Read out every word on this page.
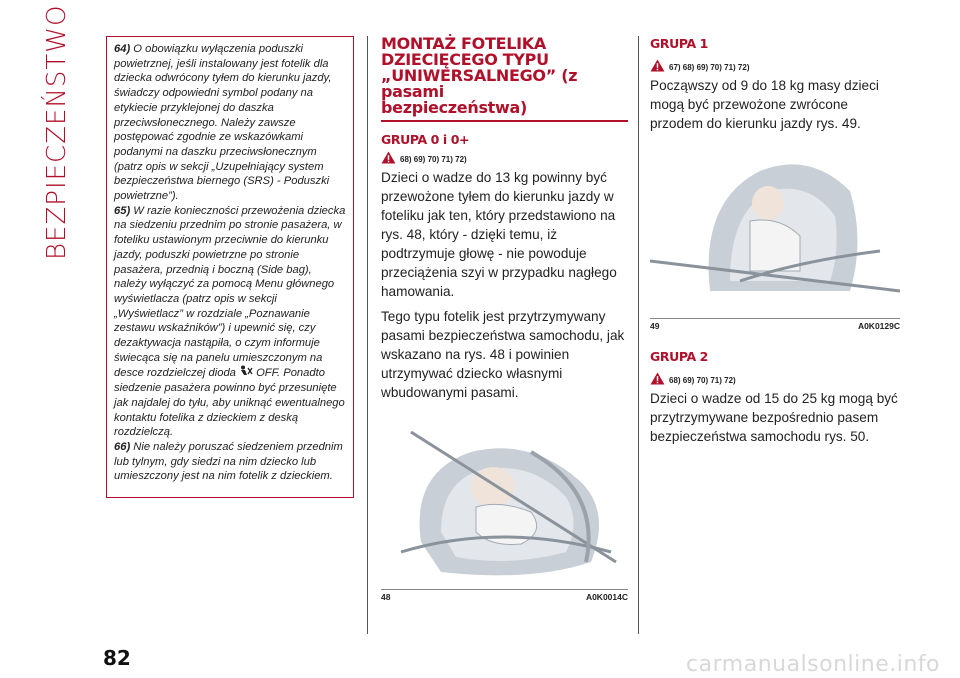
BEZPIECZEŃSTWO	64) O obowiązku wyłączenia poduszki powietrznej, jeśli instalowany jest fotelik dla dziecka odwrócony tyłem do kierunku jazdy, świadczy odpowiedni symbol podany na etykiecie przyklejonej do daszka przeciwsłonecznego. Należy zawsze postępować zgodnie ze wskazówkami podanymi na daszku przeciwsłonecznym (patrz opis w sekcji „Uzupełniający system bezpieczeństwa biernego (SRS) - Poduszki powietrzne”).

65) W razie konieczności przewożenia dziecka na siedzeniu przednim po stronie pasażera, w foteliku ustawionym przeciwnie do kierunku jazdy, poduszki powietrzne po stronie pasażera, przednią i boczną (Side bag), należy wyłączyć za pomocą Menu głównego wyświetlacza (patrz opis w sekcji „Wyświetlacz” w rozdziale „Poznawanie zestawu wskaźników”) i upewnić się, czy dezaktywacja nastąpiła, o czym informuje świecąca się na panelu umieszczonym na desce rozdzielczej dioda OFF. Ponadto siedzenie pasażera powinno być przesunięte jak najdalej do tyłu, aby uniknąć ewentualnego kontaktu fotelika z dzieckiem z deską rozdzielczą.

66) Nie należy poruszać siedzeniem przednim lub tylnym, gdy siedzi na nim dziecko lub umieszczony jest na nim fotelik z dzieckiem.

MONTAŻ FOTELIKA
DZIECIĘCEGO TYPU
„UNIWERSALNEGO” (z pasami
bezpieczeństwa)
GRUPA 0 i 0+
68) 69) 70) 71) 72)

Dzieci o wadze do 13 kg powinny być przewożone tyłem do kierunku jazdy w foteliku jak ten, który przedstawiono na rys. 48, który - dzięki temu, iż podtrzymuje głowę - nie powoduje przeciążenia szyi w przypadku nagłego hamowania.

Tego typu fotelik jest przytrzymywany pasami bezpieczeństwa samochodu, jak wskazano na rys. 48 i powinien utrzymywać dziecko własnymi wbudowanymi pasami.

48	A0K0014C
GRUPA 1
67) 68) 69) 70) 71) 72)

Począwszy od 9 do 18 kg masy dzieci mogą być przewożone zwrócone przodem do kierunku jazdy rys. 49.

49	A0K0129C
GRUPA 2
68) 69) 70) 71) 72)

Dzieci o wadze od 15 do 25 kg mogą być przytrzymywane bezpośrednio pasem bezpieczeństwa samochodu rys. 50.

82	carmanualsonline.info
